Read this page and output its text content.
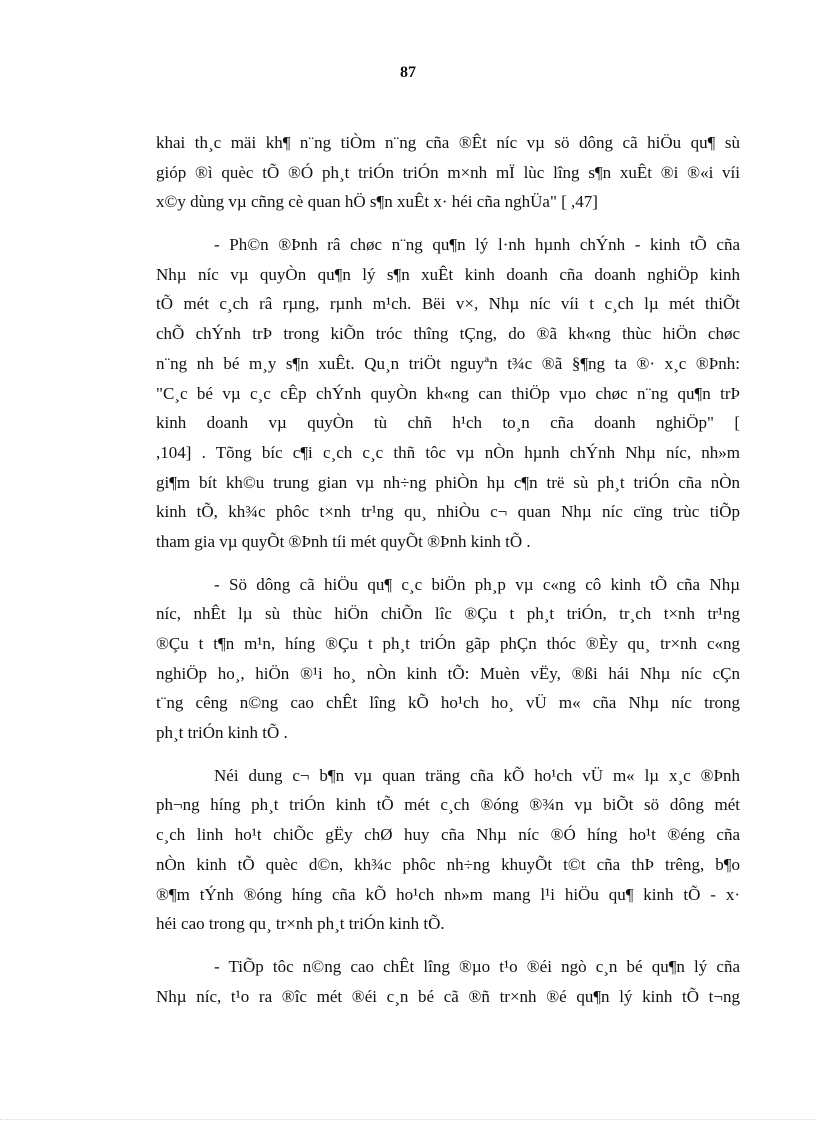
87
khai th¸c mäi kh¶ n¨ng tiÒm n¨ng cña ®Êt níc vµ sö dông cã hiÖu qu¶ sù
gióp ®ì quèc tÕ ®Ó ph¸t triÓn triÓn m×nh mÏ lùc lîng s¶n xuÊt ®i ®«i víi
x©y dùng vµ cñng cè quan hÖ s¶n xuÊt x· héi cña nghÜa" [ ,47]
- Ph©n ®Þnh râ chøc n¨ng qu¶n lý l·nh hµnh chÝnh - kinh tÕ cña
Nhµ níc vµ quyÒn qu¶n lý s¶n xuÊt kinh doanh cña doanh nghiÖp kinh
tÕ mét c¸ch râ rµng, rµnh m¹ch. Bëi v×, Nhµ níc víi t c¸ch lµ mét thiÕt
chÕ chÝnh trÞ trong kiÕn tróc thîng tÇng, do ®ã kh«ng thùc hiÖn chøc
n¨ng nh bé m¸y s¶n xuÊt. Qu¸n triÖt nguyªn t¾c ®ã §¶ng ta ®· x¸c ®Þnh:
"C¸c bé vµ c¸c cÊp chÝnh quyÒn kh«ng can thiÖp vµo chøc n¨ng qu¶n trÞ
kinh doanh vµ quyÒn tù chñ h¹ch to¸n cña doanh nghiÖp" [
,104] . Tõng bíc c¶i c¸ch c¸c thñ tôc vµ nÒn hµnh chÝnh Nhµ níc, nh»m
gi¶m bít kh©u trung gian vµ nh÷ng phiÒn hµ c¶n trë sù ph¸t triÓn cña nÒn
kinh tÕ, kh¾c phôc t×nh tr¹ng qu¸ nhiÒu c¬ quan Nhµ níc cïng trùc tiÕp
tham gia vµ quyÕt ®Þnh tíi mét quyÕt ®Þnh kinh tÕ .
- Sö dông cã hiÖu qu¶ c¸c biÖn ph¸p vµ c«ng cô kinh tÕ cña Nhµ
níc, nhÊt lµ sù thùc hiÖn chiÕn lîc ®Çu t ph¸t triÓn, tr¸ch t×nh tr¹ng
®Çu t t¶n m¹n, híng ®Çu t ph¸t triÓn gãp phÇn thóc ®Èy qu¸ tr×nh c«ng
nghiÖp ho¸, hiÖn ®¹i ho¸ nÒn kinh tÕ: Muèn vËy, ®ßi hái Nhµ níc cÇn
t¨ng cêng n©ng cao chÊt lîng kÕ ho¹ch ho¸ vÜ m« cña Nhµ níc trong
ph¸t triÓn kinh tÕ .
Néi dung c¬ b¶n vµ quan träng cña kÕ ho¹ch vÜ m« lµ x¸c ®Þnh
ph¬ng híng ph¸t triÓn kinh tÕ mét c¸ch ®óng ®¾n vµ biÕt sö dông mét
c¸ch linh ho¹t chiÕc gËy chØ huy cña Nhµ níc ®Ó híng ho¹t ®éng cña
nÒn kinh tÕ quèc d©n, kh¾c phôc nh÷ng khuyÕt t©t cña thÞ trêng, b¶o
®¶m tÝnh ®óng híng cña kÕ ho¹ch nh»m mang l¹i hiÖu qu¶ kinh tÕ - x·
héi cao trong qu¸ tr×nh ph¸t triÓn kinh tÕ.
- TiÕp tôc n©ng cao chÊt lîng ®µo t¹o ®éi ngò c¸n bé qu¶n lý cña
Nhµ níc, t¹o ra ®îc mét ®éi c¸n bé cã ®ñ tr×nh ®é qu¶n lý kinh tÕ t¬ng
